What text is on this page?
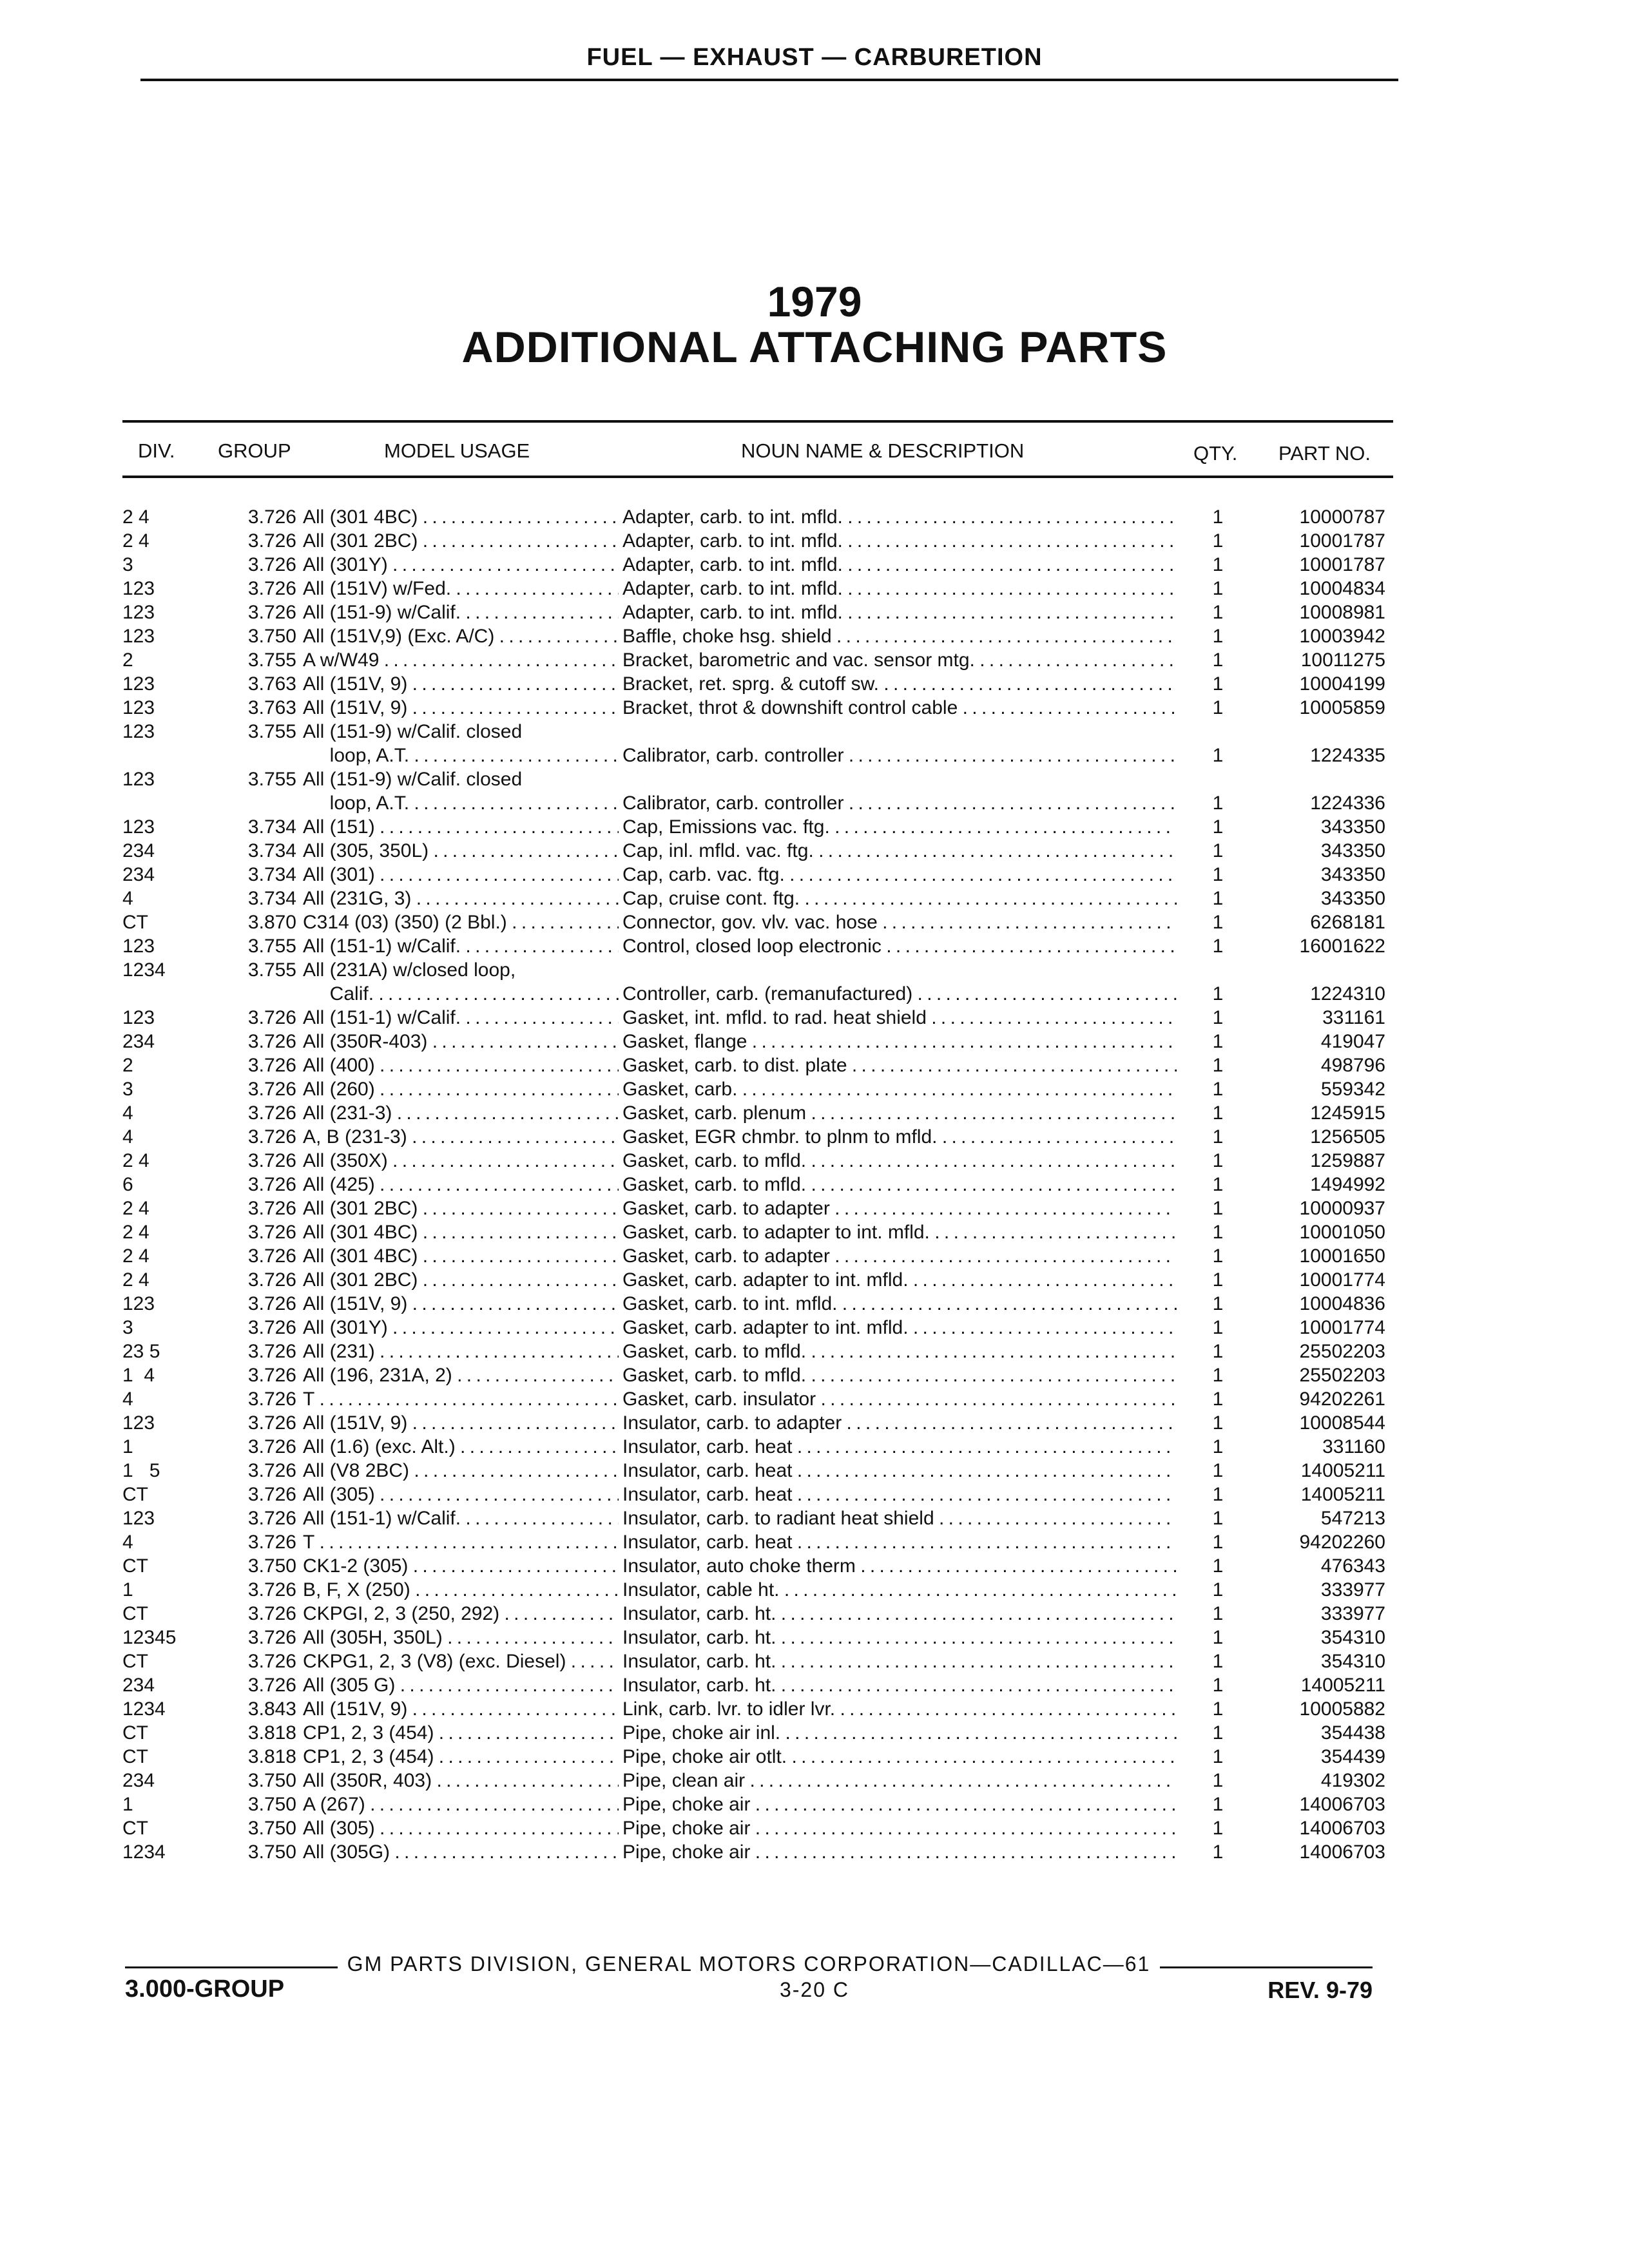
FUEL — EXHAUST — CARBURETION
1979
ADDITIONAL ATTACHING PARTS
DIV. GROUP	MODEL USAGE	NOUN NAME & DESCRIPTION	QTY. PART NO.
2 4	3.726 All (301 4BC) . . .	Adapter, carb. to int. mfld. . . .	1	10000787
2 4	3.726 All (301 2BC) . . .	Adapter, carb. to int. mfld. . . .	1	10001787
3	3.726 All (301Y) . . .	Adapter, carb. to int. mfld. . . .	1	10001787
123	3.726 All (151V) w/Fed. . . .	Adapter, carb. to int. mfld. . . .	1	10004834
123	3.726 All (151-9) w/Calif. . . .	Adapter, carb. to int. mfld. . . .	1	10008981
123	3.750 All (151V,9) (Exc. A/C) . . .	Baffle, choke hsg. shield . . .	1	10003942
2	3.755 A w/W49 . . .	Bracket, barometric and vac. sensor mtg. . . .	1	10011275
123	3.763 All (151V, 9) . . .	Bracket, ret. sprg. & cutoff sw. . . .	1	10004199
123	3.763 All (151V, 9) . . .	Bracket, throt & downshift control cable . . .	1	10005859
123	3.755 All (151-9) w/Calif. closed
loop, A.T. . . .	Calibrator, carb. controller . . .	1	1224335
123	3.755 All (151-9) w/Calif. closed
loop, A.T. . . .	Calibrator, carb. controller . . .	1	1224336
123	3.734 All (151) . . .	Cap, Emissions vac. ftg. . . .	1	343350
234	3.734 All (305, 350L) . . .	Cap, inl. mfld. vac. ftg. . . .	1	343350
234	3.734 All (301) . . .	Cap, carb. vac. ftg. . . .	1	343350
4	3.734 All (231G, 3) . . .	Cap, cruise cont. ftg. . . .	1	343350
CT	3.870 C314 (03) (350) (2 Bbl.) . . .	Connector, gov. vlv. vac. hose . . .	1	6268181
123	3.755 All (151-1) w/Calif. . . .	Control, closed loop electronic . . .	1	16001622
1234	3.755 All (231A) w/closed loop,
Calif. . . .	Controller, carb. (remanufactured) . . .	1	1224310
123	3.726 All (151-1) w/Calif. . . .	Gasket, int. mfld. to rad. heat shield . . .	1	331161
234	3.726 All (350R-403) . . .	Gasket, flange . . .	1	419047
2	3.726 All (400) . . .	Gasket, carb. to dist. plate . . .	1	498796
3	3.726 All (260) . . .	Gasket, carb. . . .	1	559342
4	3.726 All (231-3) . . .	Gasket, carb. plenum . . .	1	1245915
4	3.726 A, B (231-3) . . .	Gasket, EGR chmbr. to plnm to mfld. . . .	1	1256505
2 4	3.726 All (350X) . . .	Gasket, carb. to mfld. . . .	1	1259887
6	3.726 All (425) . . .	Gasket, carb. to mfld. . . .	1	1494992
2 4	3.726 All (301 2BC) . . .	Gasket, carb. to adapter . . .	1	10000937
2 4	3.726 All (301 4BC) . . .	Gasket, carb. to adapter to int. mfld. . . .	1	10001050
2 4	3.726 All (301 4BC) . . .	Gasket, carb. to adapter . . .	1	10001650
2 4	3.726 All (301 2BC) . . .	Gasket, carb. adapter to int. mfld. . . .	1	10001774
123	3.726 All (151V, 9) . . .	Gasket, carb. to int. mfld. . . .	1	10004836
3	3.726 All (301Y) . . .	Gasket, carb. adapter to int. mfld. . . .	1	10001774
23 5	3.726 All (231) . . .	Gasket, carb. to mfld. . . .	1	25502203
1  4	3.726 All (196, 231A, 2) . . .	Gasket, carb. to mfld. . . .	1	25502203
4	3.726 T . . .	Gasket, carb. insulator . . .	1	94202261
123	3.726 All (151V, 9) . . .	Insulator, carb. to adapter . . .	1	10008544
1	3.726 All (1.6) (exc. Alt.) . . .	Insulator, carb. heat . . .	1	331160
1   5	3.726 All (V8 2BC) . . .	Insulator, carb. heat . . .	1	14005211
CT	3.726 All (305) . . .	Insulator, carb. heat . . .	1	14005211
123	3.726 All (151-1) w/Calif. . . .	Insulator, carb. to radiant heat shield . . .	1	547213
4	3.726 T . . .	Insulator, carb. heat . . .	1	94202260
CT	3.750 CK1-2 (305) . . .	Insulator, auto choke therm . . .	1	476343
1	3.726 B, F, X (250) . . .	Insulator, cable ht. . . .	1	333977
CT	3.726 CKPGI, 2, 3 (250, 292) . . .	Insulator, carb. ht. . . .	1	333977
12345	3.726 All (305H, 350L) . . .	Insulator, carb. ht. . . .	1	354310
CT	3.726 CKPG1, 2, 3 (V8) (exc. Diesel) . . .	Insulator, carb. ht. . . .	1	354310
234	3.726 All (305 G) . . .	Insulator, carb. ht. . . .	1	14005211
1234	3.843 All (151V, 9) . . .	Link, carb. lvr. to idler lvr. . . .	1	10005882
CT	3.818 CP1, 2, 3 (454) . . .	Pipe, choke air inl. . . .	1	354438
CT	3.818 CP1, 2, 3 (454) . . .	Pipe, choke air otlt. . . .	1	354439
234	3.750 All (350R, 403) . . .	Pipe, clean air . . .	1	419302
1	3.750 A (267) . . .	Pipe, choke air . . .	1	14006703
CT	3.750 All (305) . . .	Pipe, choke air . . .	1	14006703
1234	3.750 All (305G) . . .	Pipe, choke air . . .	1	14006703
GM PARTS DIVISION, GENERAL MOTORS CORPORATION—CADILLAC—61
3.000-GROUP	3-20 C	REV. 9-79
